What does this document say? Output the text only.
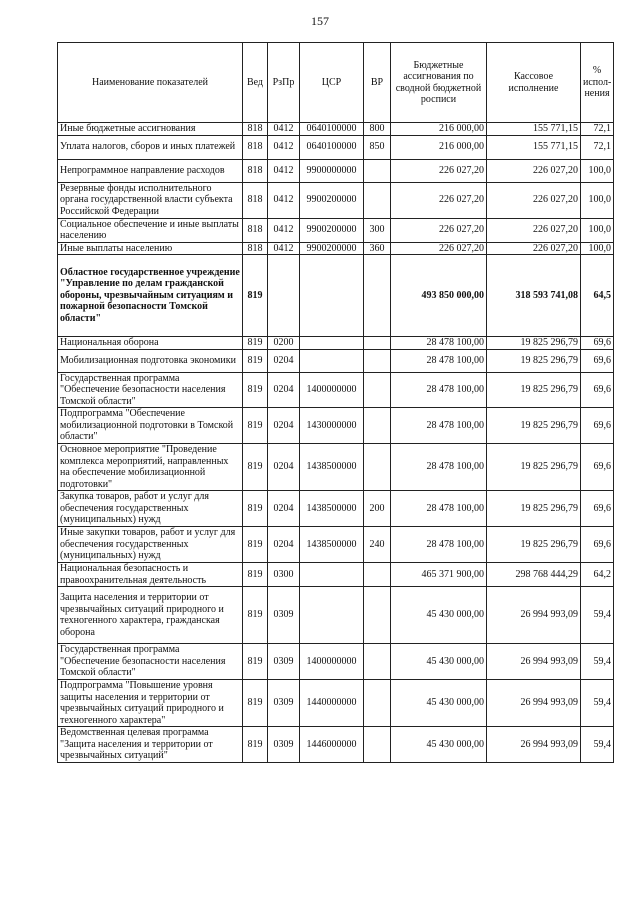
157
Наименование показателей	Вед	РзПр	ЦСР	ВР	Бюджетные ассигнования по сводной бюджетной росписи	Кассовое исполнение	% испол-нения
Иные бюджетные ассигнования	818	0412	0640100000	800	216 000,00	155 771,15	72,1
Уплата налогов, сборов и иных платежей	818	0412	0640100000	850	216 000,00	155 771,15	72,1
Непрограммное направление расходов	818	0412	9900000000		226 027,20	226 027,20	100,0
Резервные фонды исполнительного органа государственной власти субъекта Российской Федерации	818	0412	9900200000		226 027,20	226 027,20	100,0
Социальное обеспечение и иные выплаты населению	818	0412	9900200000	300	226 027,20	226 027,20	100,0
Иные выплаты населению	818	0412	9900200000	360	226 027,20	226 027,20	100,0
Областное государственное учреждение "Управление по делам гражданской обороны, чрезвычайным ситуациям и пожарной безопасности Томской области"	819				493 850 000,00	318 593 741,08	64,5
Национальная оборона	819	0200			28 478 100,00	19 825 296,79	69,6
Мобилизационная подготовка экономики	819	0204			28 478 100,00	19 825 296,79	69,6
Государственная программа "Обеспечение безопасности населения Томской области"	819	0204	1400000000		28 478 100,00	19 825 296,79	69,6
Подпрограмма "Обеспечение мобилизационной подготовки в Томской области"	819	0204	1430000000		28 478 100,00	19 825 296,79	69,6
Основное мероприятие "Проведение комплекса мероприятий, направленных на обеспечение мобилизационной подготовки"	819	0204	1438500000		28 478 100,00	19 825 296,79	69,6
Закупка товаров, работ и услуг для обеспечения государственных (муниципальных) нужд	819	0204	1438500000	200	28 478 100,00	19 825 296,79	69,6
Иные закупки товаров, работ и услуг для обеспечения государственных (муниципальных) нужд	819	0204	1438500000	240	28 478 100,00	19 825 296,79	69,6
Национальная безопасность и правоохранительная деятельность	819	0300			465 371 900,00	298 768 444,29	64,2
Защита населения и территории от чрезвычайных ситуаций природного и техногенного характера, гражданская оборона	819	0309			45 430 000,00	26 994 993,09	59,4
Государственная программа "Обеспечение безопасности населения Томской области"	819	0309	1400000000		45 430 000,00	26 994 993,09	59,4
Подпрограмма "Повышение уровня защиты населения и территории от чрезвычайных ситуаций природного и техногенного характера"	819	0309	1440000000		45 430 000,00	26 994 993,09	59,4
Ведомственная целевая программа "Защита населения и территории от чрезвычайных ситуаций"	819	0309	1446000000		45 430 000,00	26 994 993,09	59,4
